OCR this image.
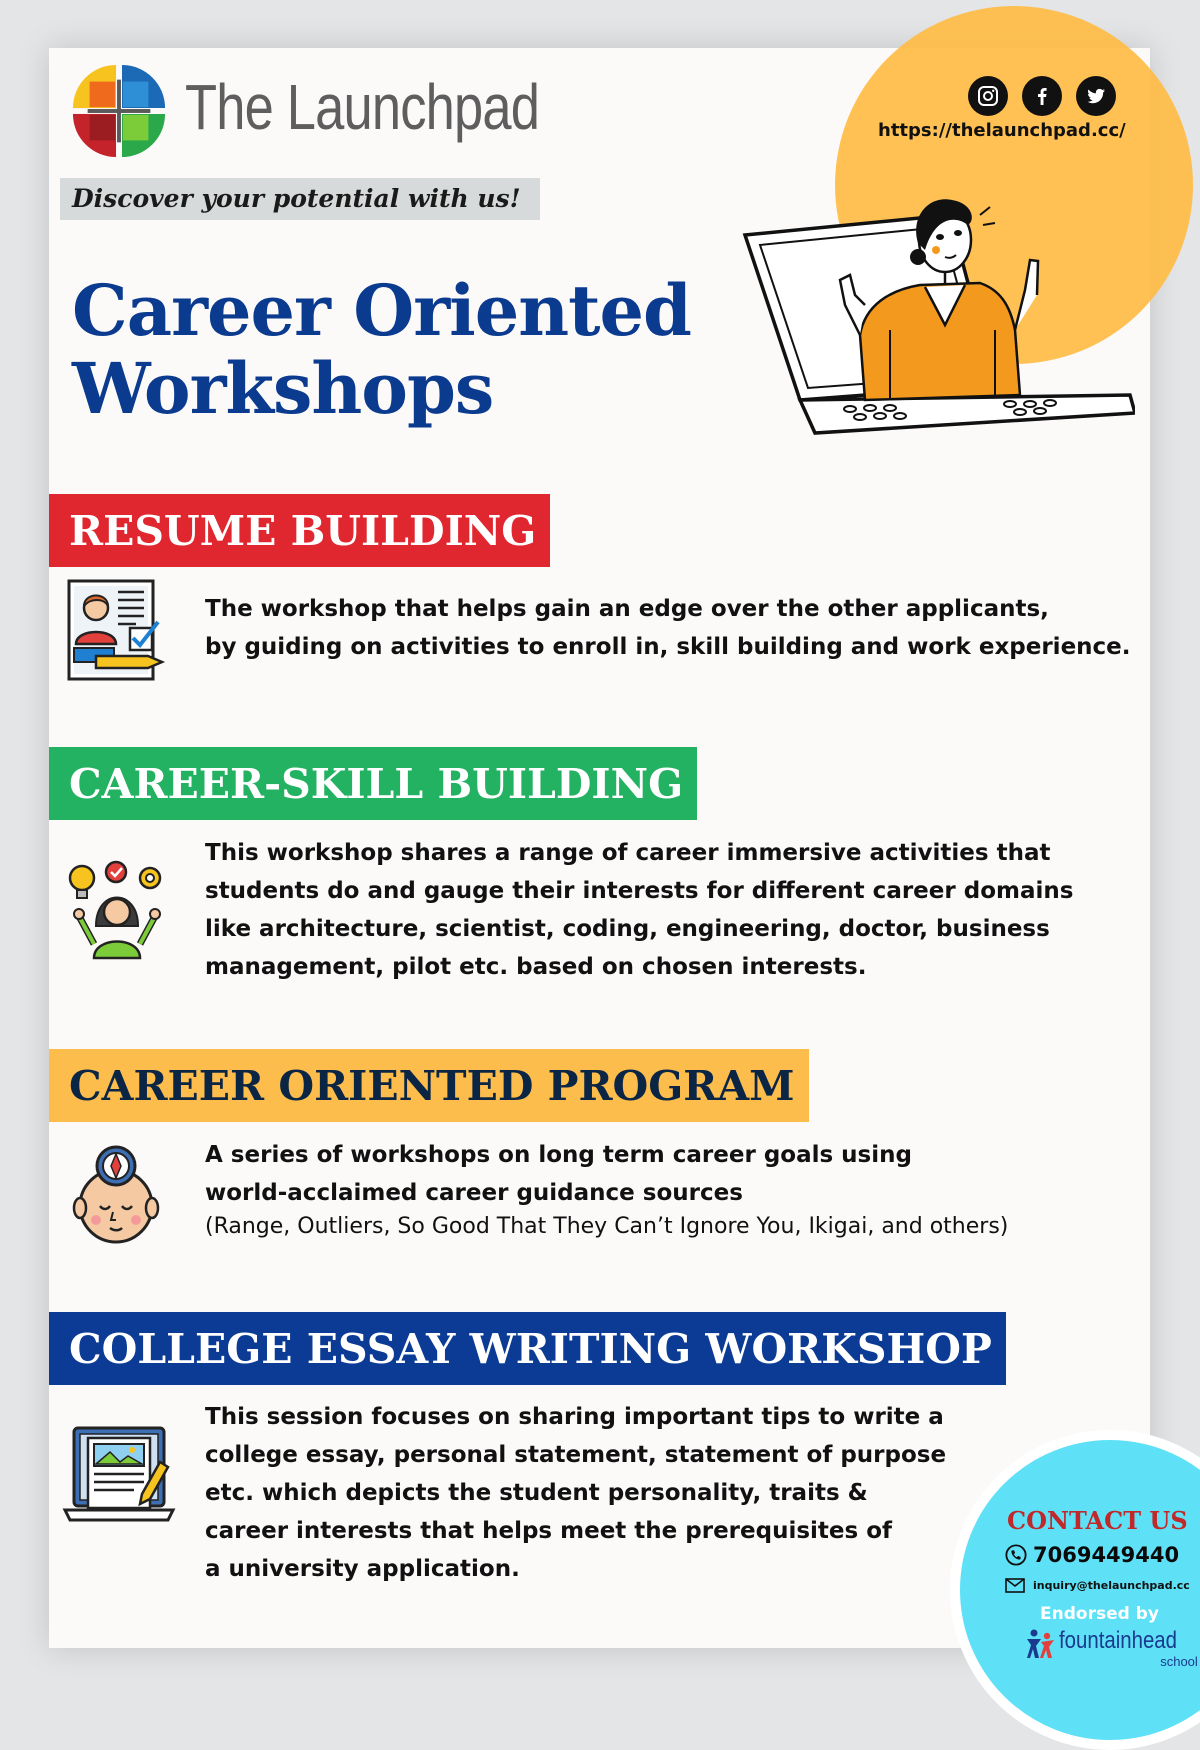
The Launchpad
Discover your potential with us!
https://thelaunchpad.cc/
Career Oriented
Workshops
RESUME BUILDING
The workshop that helps gain an edge over the other applicants,
by guiding on activities to enroll in, skill building and work experience.
CAREER-SKILL BUILDING
This workshop shares a range of career immersive activities that
students do and gauge their interests for different career domains
like architecture, scientist, coding, engineering, doctor, business
management, pilot etc. based on chosen interests.
CAREER ORIENTED PROGRAM
A series of workshops on long term career goals using
world-acclaimed career guidance sources
(Range, Outliers, So Good That They Can’t Ignore You, Ikigai, and others)
COLLEGE ESSAY WRITING WORKSHOP
This session focuses on sharing important tips to write a
college essay, personal statement, statement of purpose
etc. which depicts the student personality, traits &
career interests that helps meet the prerequisites of
a university application.
CONTACT US
7069449440
inquiry@thelaunchpad.cc
Endorsed by
fountainhead
school
